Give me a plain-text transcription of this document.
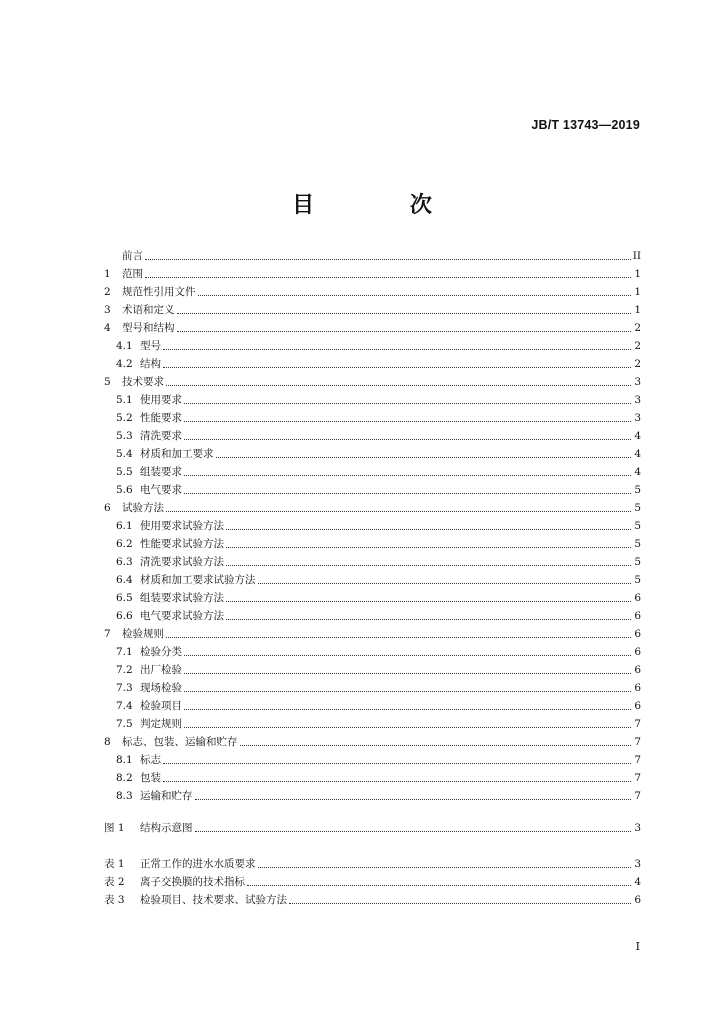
JB/T 13743—2019
目 次
前言	II
1	范围	1
2	规范性引用文件	1
3	术语和定义	1
4	型号和结构	2
4.1 型号	2
4.2 结构	2
5	技术要求	3
5.1 使用要求	3
5.2 性能要求	3
5.3 清洗要求	4
5.4 材质和加工要求	4
5.5 组装要求	4
5.6 电气要求	5
6	试验方法	5
6.1 使用要求试验方法	5
6.2 性能要求试验方法	5
6.3 清洗要求试验方法	5
6.4 材质和加工要求试验方法	5
6.5 组装要求试验方法	6
6.6 电气要求试验方法	6
7	检验规则	6
7.1 检验分类	6
7.2 出厂检验	6
7.3 现场检验	6
7.4 检验项目	6
7.5 判定规则	7
8	标志、包装、运输和贮存	7
8.1 标志	7
8.2 包装	7
8.3 运输和贮存	7
图 1	结构示意图	3
表 1	正常工作的进水水质要求	3
表 2	离子交换膜的技术指标	4
表 3	检验项目、技术要求、试验方法	6
I
